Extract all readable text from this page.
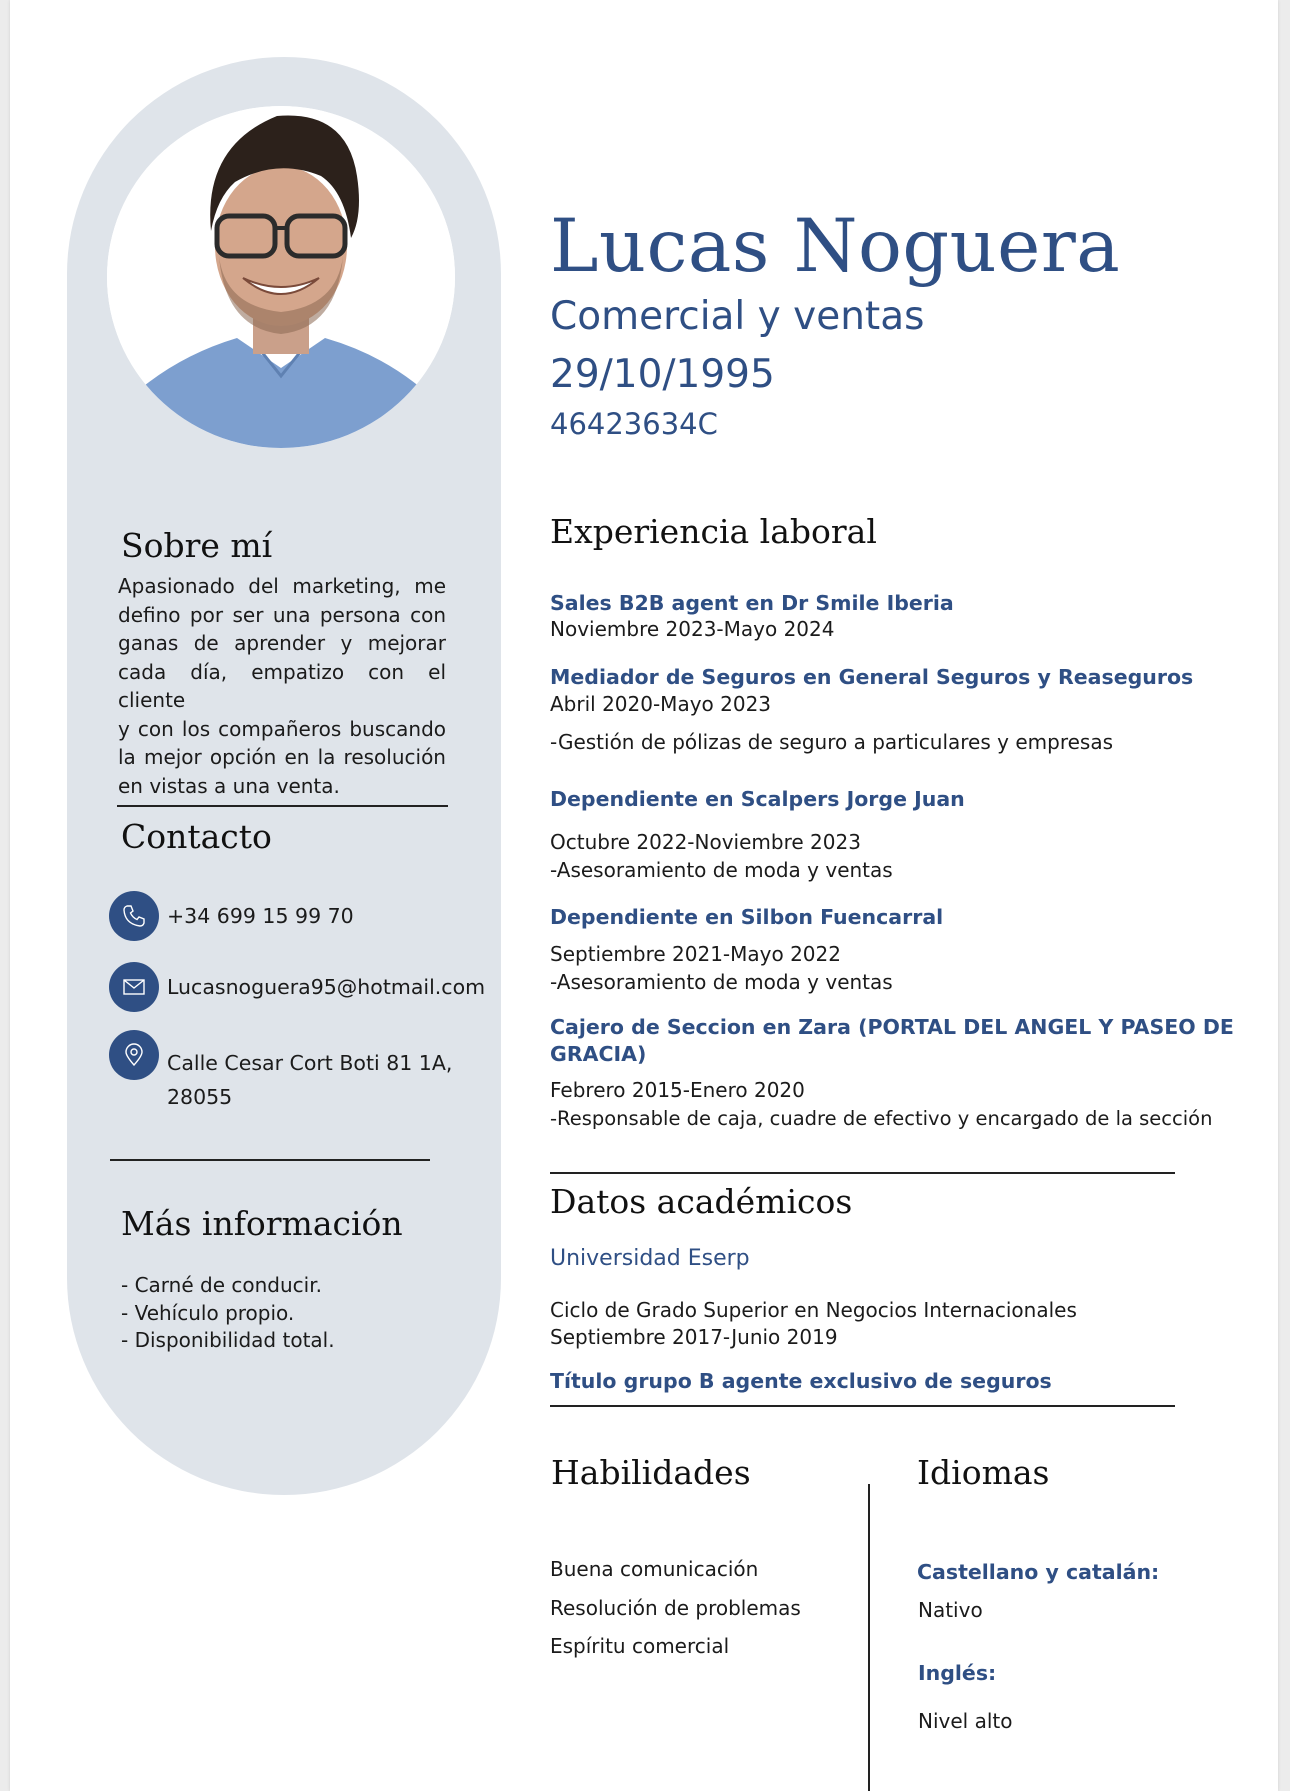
Lucas Noguera
Comercial y ventas
29/10/1995
46423634C
Sobre mí
Apasionado del marketing, me
defino por ser una persona con
ganas de aprender y mejorar
cada día, empatizo con el cliente
y con los compañeros buscando
la mejor opción en la resolución
en vistas a una venta.
Contacto
+34 699 15 99 70
Lucasnoguera95@hotmail.com
Calle Cesar Cort Boti 81 1A,
28055
Más información
- Carné de conducir.
- Vehículo propio.
- Disponibilidad total.
Experiencia laboral
Sales B2B agent en Dr Smile Iberia
Noviembre 2023-Mayo 2024
Mediador de Seguros en General Seguros y Reaseguros
Abril 2020-Mayo 2023
-Gestión de pólizas de seguro a particulares y empresas
Dependiente en Scalpers Jorge Juan
Octubre 2022-Noviembre 2023
-Asesoramiento de moda y ventas
Dependiente en Silbon Fuencarral
Septiembre 2021-Mayo 2022
-Asesoramiento de moda y ventas
Cajero de Seccion en Zara (PORTAL DEL ANGEL Y PASEO DE
GRACIA)
Febrero 2015-Enero 2020
-Responsable de caja, cuadre de efectivo y encargado de la sección
Datos académicos
Universidad Eserp
Ciclo de Grado Superior en Negocios Internacionales
Septiembre 2017-Junio 2019
Título grupo B agente exclusivo de seguros
Habilidades
Buena comunicación
Resolución de problemas
Espíritu comercial
Idiomas
Castellano y catalán:
Nativo
Inglés:
Nivel alto
